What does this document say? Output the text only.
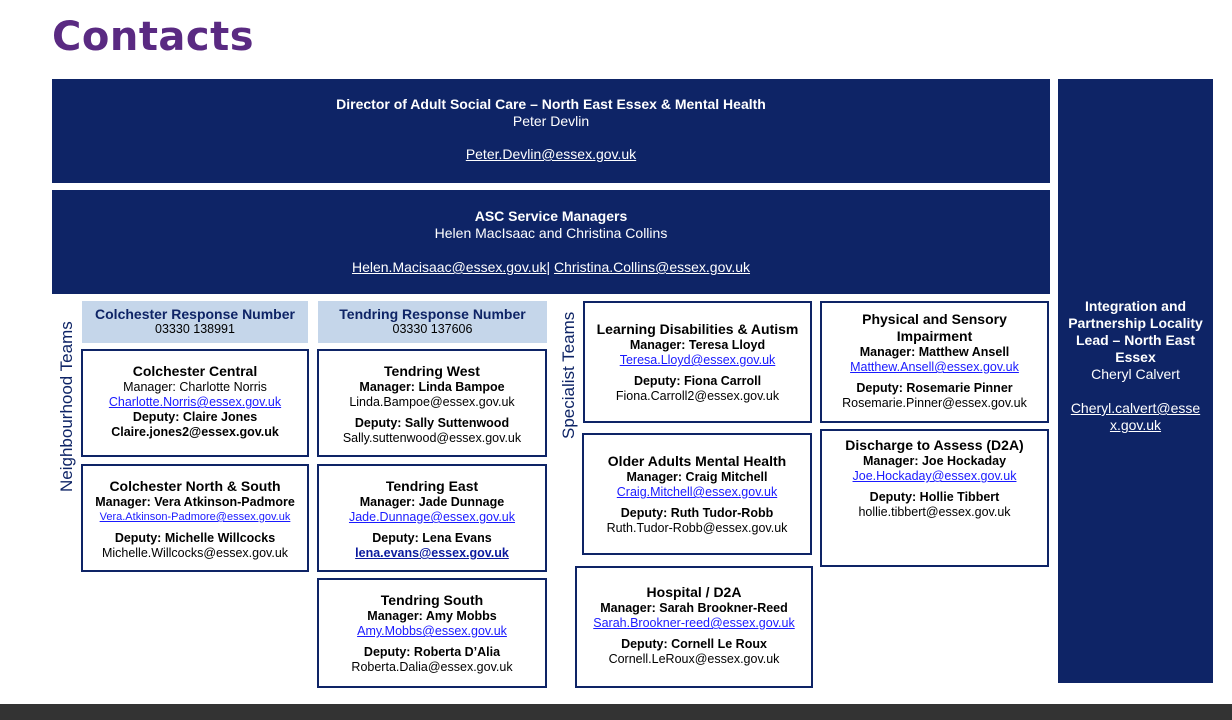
Contacts
Director of Adult Social Care – North East Essex & Mental Health
Peter Devlin
Peter.Devlin@essex.gov.uk
ASC Service Managers
Helen MacIsaac and Christina Collins
Helen.Macisaac@essex.gov.uk| Christina.Collins@essex.gov.uk
Integration and Partnership Locality Lead – North East Essex
Cheryl Calvert
Cheryl.calvert@essex.gov.uk
Neighbourhood Teams	Specialist Teams
Colchester Response Number
03330 138991
Tendring Response Number
03330 137606
Colchester Central
Manager: Charlotte Norris
Charlotte.Norris@essex.gov.uk
Deputy: Claire Jones
Claire.jones2@essex.gov.uk
Colchester North & South
Manager: Vera Atkinson-Padmore
Vera.Atkinson-Padmore@essex.gov.uk
Deputy: Michelle Willcocks
Michelle.Willcocks@essex.gov.uk
Tendring West
Manager: Linda Bampoe
Linda.Bampoe@essex.gov.uk
Deputy: Sally Suttenwood
Sally.suttenwood@essex.gov.uk
Tendring East
Manager: Jade Dunnage
Jade.Dunnage@essex.gov.uk
Deputy: Lena Evans
lena.evans@essex.gov.uk
Tendring South
Manager: Amy Mobbs
Amy.Mobbs@essex.gov.uk
Deputy: Roberta D’Alia
Roberta.Dalia@essex.gov.uk
Learning Disabilities & Autism
Manager: Teresa Lloyd
Teresa.Lloyd@essex.gov.uk
Deputy: Fiona Carroll
Fiona.Carroll2@essex.gov.uk
Older Adults Mental Health
Manager: Craig Mitchell
Craig.Mitchell@essex.gov.uk
Deputy: Ruth Tudor-Robb
Ruth.Tudor-Robb@essex.gov.uk
Hospital / D2A
Manager: Sarah Brookner-Reed
Sarah.Brookner-reed@essex.gov.uk
Deputy: Cornell Le Roux
Cornell.LeRoux@essex.gov.uk
Physical and Sensory Impairment
Manager: Matthew Ansell
Matthew.Ansell@essex.gov.uk
Deputy: Rosemarie Pinner
Rosemarie.Pinner@essex.gov.uk
Discharge to Assess (D2A)
Manager: Joe Hockaday
Joe.Hockaday@essex.gov.uk
Deputy: Hollie Tibbert
hollie.tibbert@essex.gov.uk
